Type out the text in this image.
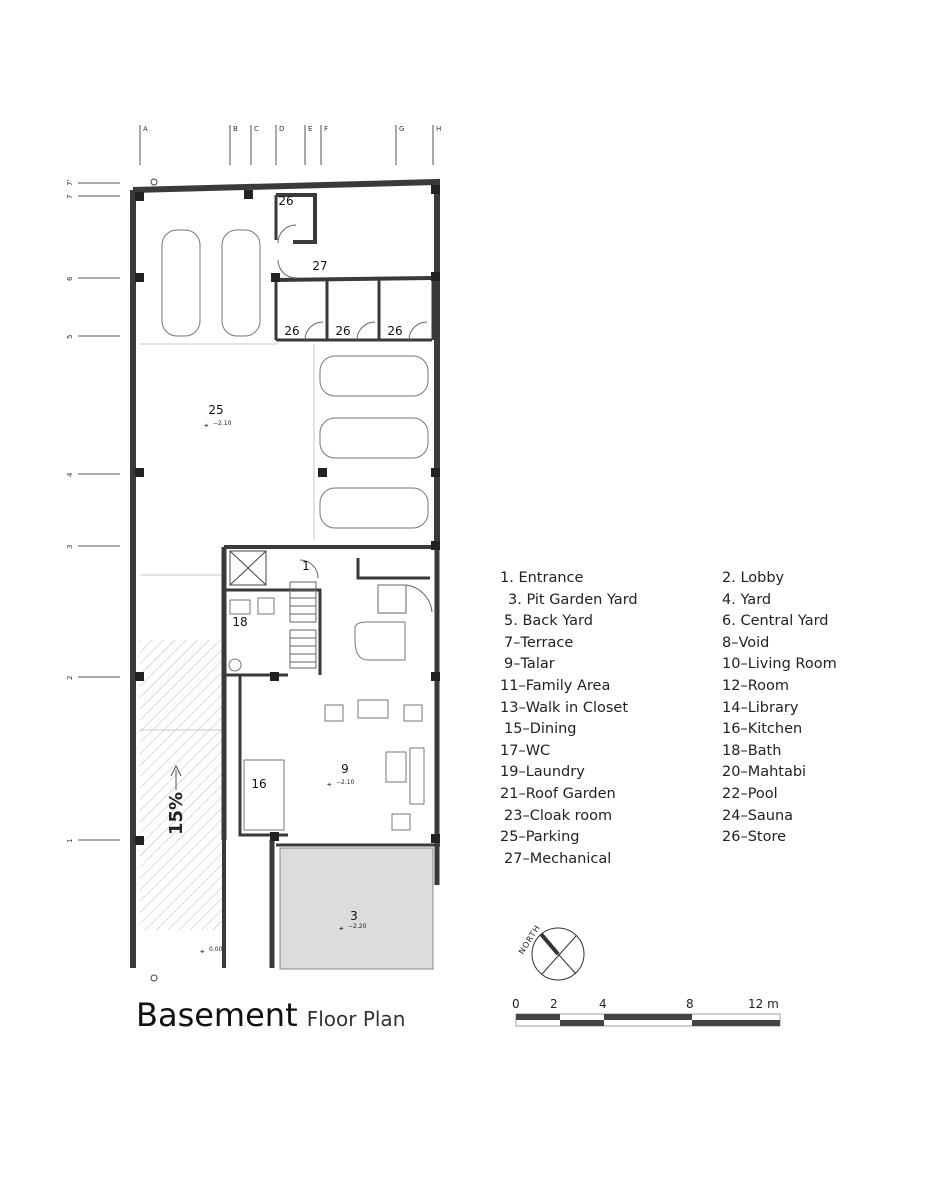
A	B C	D	E F	G	H
7'
7
6
5
4
3
2
1
15%
26
27
26	26	26
25
1
18
16
9
3
⌖ −2.10
⌖ −2.10
⌖ −2.20
⌖ 0.00	NORTH
0	2	4	8	12 m
1. Entrance
3. Pit Garden Yard
5. Back Yard
7–Terrace
9–Talar
11–Family Area
13–Walk in Closet
15–Dining
17–WC
19–Laundry
21–Roof Garden
23–Cloak room
25–Parking
27–Mechanical
2. Lobby
4. Yard
6. Central Yard
8–Void
10–Living Room
12–Room
14–Library
16–Kitchen
18–Bath
20–Mahtabi
22–Pool
24–Sauna
26–Store
Basement Floor Plan
